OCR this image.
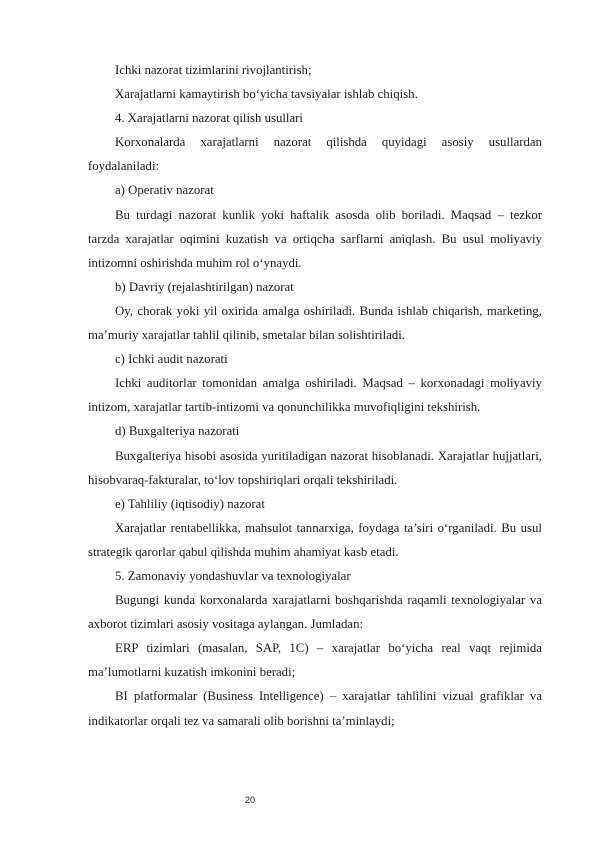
Ichki nazorat tizimlarini rivojlantirish;

Xarajatlarni kamaytirish bo‘yicha tavsiyalar ishlab chiqish.

4. Xarajatlarni nazorat qilish usullari

Korxonalarda xarajatlarni nazorat qilishda quyidagi asosiy usullardan foydalaniladi:

a) Operativ nazorat

Bu turdagi nazorat kunlik yoki haftalik asosda olib boriladi. Maqsad – tezkor tarzda xarajatlar oqimini kuzatish va ortiqcha sarflarni aniqlash. Bu usul moliyaviy intizomni oshirishda muhim rol o‘ynaydi.

b) Davriy (rejalashtirilgan) nazorat

Oy, chorak yoki yil oxirida amalga oshiriladi. Bunda ishlab chiqarish, marketing, ma’muriy xarajatlar tahlil qilinib, smetalar bilan solishtiriladi.

c) Ichki audit nazorati

Ichki auditorlar tomonidan amalga oshiriladi. Maqsad – korxonadagi moliyaviy intizom, xarajatlar tartib-intizomi va qonunchilikka muvofiqligini tekshirish.

d) Buxgalteriya nazorati

Buxgalteriya hisobi asosida yuritiladigan nazorat hisoblanadi. Xarajatlar hujjatlari, hisobvaraq-fakturalar, to‘lov topshiriqlari orqali tekshiriladi.

e) Tahliliy (iqtisodiy) nazorat

Xarajatlar rentabellikka, mahsulot tannarxiga, foydaga ta’siri o‘rganiladi. Bu usul strategik qarorlar qabul qilishda muhim ahamiyat kasb etadi.

5. Zamonaviy yondashuvlar va texnologiyalar

Bugungi kunda korxonalarda xarajatlarni boshqarishda raqamli texnologiyalar va axborot tizimlari asosiy vositaga aylangan. Jumladan:

ERP tizimlari (masalan, SAP, 1C) – xarajatlar bo‘yicha real vaqt rejimida ma’lumotlarni kuzatish imkonini beradi;

BI platformalar (Business Intelligence) – xarajatlar tahlilini vizual grafiklar va indikatorlar orqali tez va samarali olib borishni ta’minlaydi;

20
